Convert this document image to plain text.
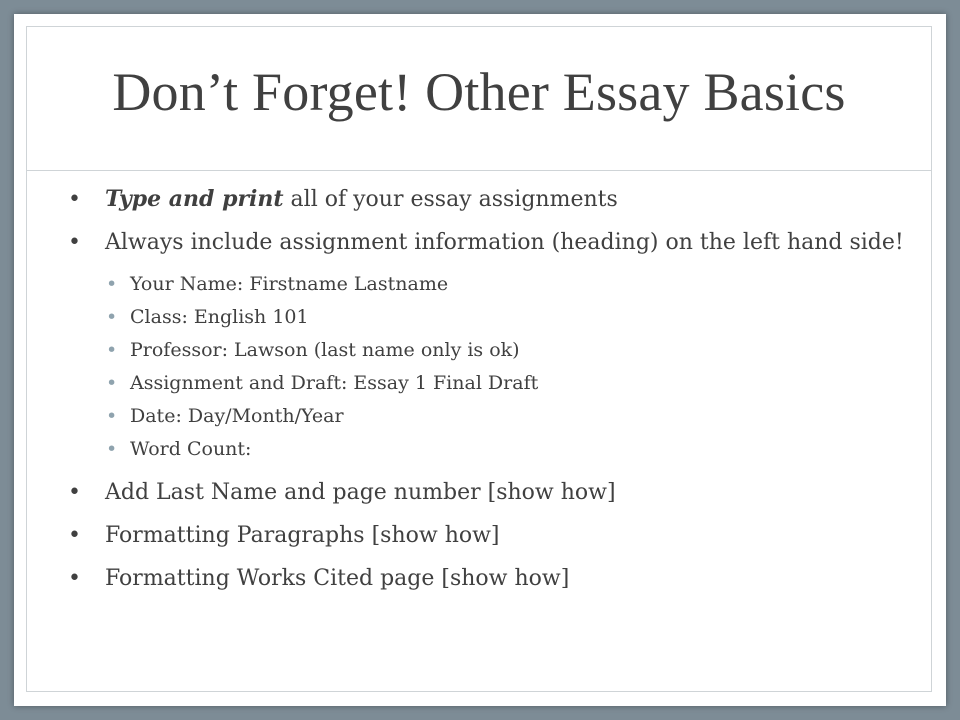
Don’t Forget! Other Essay Basics
• Type and print all of your essay assignments
• Always include assignment information (heading) on the left hand side!
• Your Name: Firstname Lastname
• Class: English 101
• Professor: Lawson (last name only is ok)
• Assignment and Draft: Essay 1 Final Draft
• Date: Day/Month/Year
• Word Count:
• Add Last Name and page number [show how]
• Formatting Paragraphs [show how]
• Formatting Works Cited page [show how]
